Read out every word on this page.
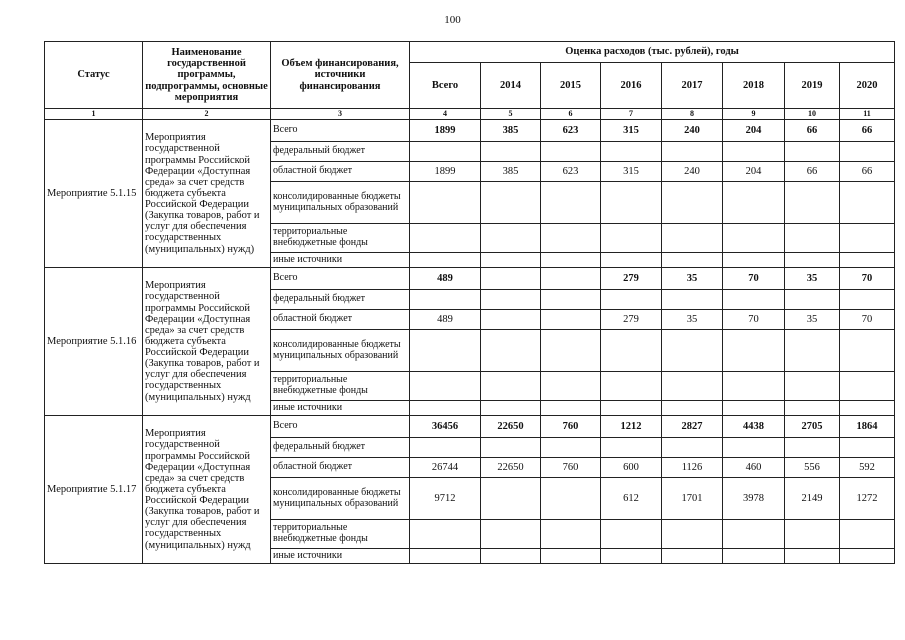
100
Статус	Наименование государственной программы, подпрограммы, основные мероприятия	Объем финансирования, источники финансирования	Оценка расходов (тыс. рублей), годы							
			Всего	2014	2015	2016	2017	2018	2019	2020
1	2	3	4	5	6	7	8	9	10	11
Мероприятие 5.1.15	Мероприятия государственной программы Российской Федерации «Доступная среда» за счет средств бюджета субъекта Российской Федерации (Закупка товаров, работ и услуг для обеспечения государственных (муниципальных) нужд)	Всего	1899	385	623	315	240	204	66	66
		федеральный бюджет								
		областной бюджет	1899	385	623	315	240	204	66	66
		консолидированные бюджеты муниципальных образований								
		территориальные внебюджетные фонды								
		иные источники								
Мероприятие 5.1.16	Мероприятия государственной программы Российской Федерации «Доступная среда» за счет средств бюджета субъекта Российской Федерации (Закупка товаров, работ и услуг для обеспечения государственных (муниципальных) нужд	Всего	489			279	35	70	35	70
		федеральный бюджет								
		областной бюджет	489			279	35	70	35	70
		консолидированные бюджеты муниципальных образований								
		территориальные внебюджетные фонды								
		иные источники								
Мероприятие 5.1.17	Мероприятия государственной программы Российской Федерации «Доступная среда» за счет средств бюджета субъекта Российской Федерации (Закупка товаров, работ и услуг для обеспечения государственных (муниципальных) нужд	Всего	36456	22650	760	1212	2827	4438	2705	1864
		федеральный бюджет								
		областной бюджет	26744	22650	760	600	1126	460	556	592
		консолидированные бюджеты муниципальных образований	9712			612	1701	3978	2149	1272
		территориальные внебюджетные фонды								
		иные источники								
